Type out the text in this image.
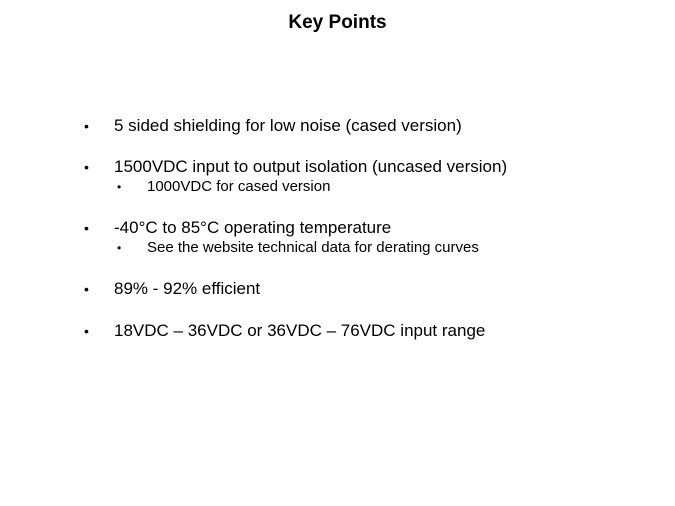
Key Points
• 5 sided shielding for low noise (cased version)
• 1500VDC input to output isolation (uncased version)
• 1000VDC for cased version
• -40°C to 85°C operating temperature
• See the website technical data for derating curves
• 89% - 92% efficient
• 18VDC – 36VDC or 36VDC – 76VDC input range
